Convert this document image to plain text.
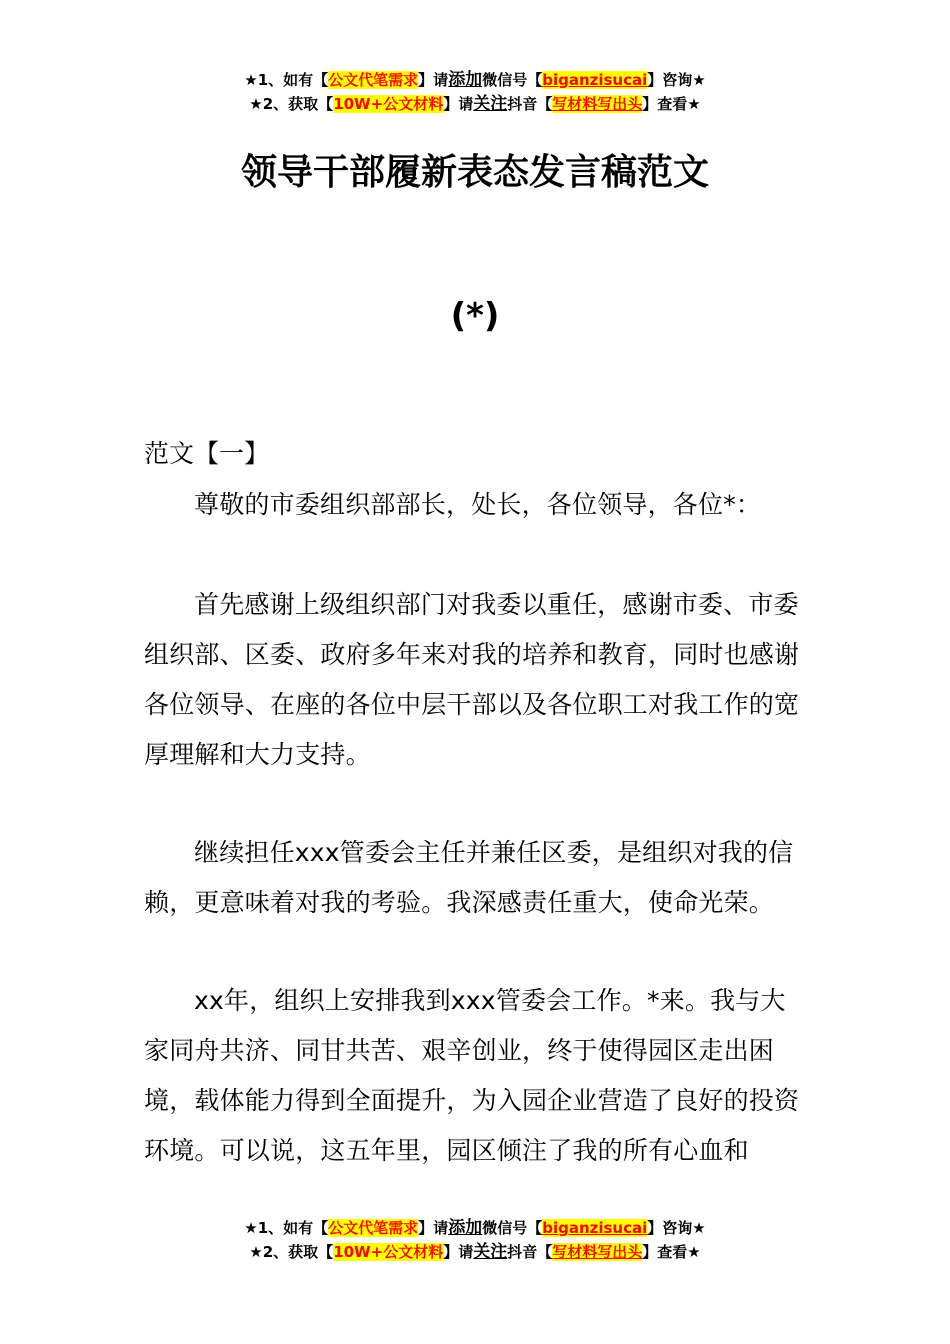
★1、如有【公文代笔需求】请添加微信号【biganzisucai】咨询★
★2、获取【10W+公文材料】请关注抖音【写材料写出头】查看★
领导干部履新表态发言稿范文
(*)
范文【一】

尊敬的市委组织部部长，处长，各位领导，各位*：

首先感谢上级组织部门对我委以重任，感谢市委、市委组织部、区委、政府多年来对我的培养和教育，同时也感谢各位领导、在座的各位中层干部以及各位职工对我工作的宽厚理解和大力支持。

继续担任xxx管委会主任并兼任区委，是组织对我的信赖，更意味着对我的考验。我深感责任重大，使命光荣。

xx年，组织上安排我到xxx管委会工作。*来。我与大家同舟共济、同甘共苦、艰辛创业，终于使得园区走出困境，载体能力得到全面提升，为入园企业营造了良好的投资环境。可以说，这五年里，园区倾注了我的所有心血和

★1、如有【公文代笔需求】请添加微信号【biganzisucai】咨询★
★2、获取【10W+公文材料】请关注抖音【写材料写出头】查看★
